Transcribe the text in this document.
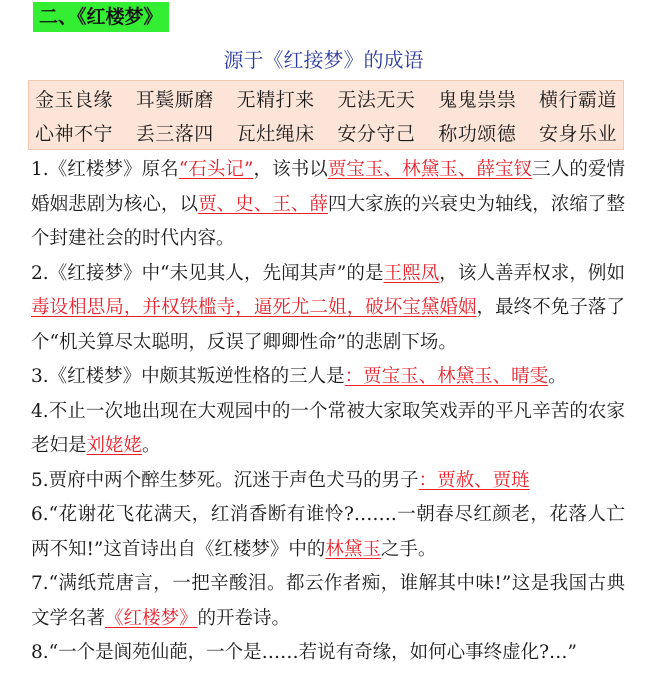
二、《红楼梦》
源于《红接梦》的成语
金玉良缘 耳鬓厮磨 无精打来 无法无天 鬼鬼祟祟 横行霸道
心神不宁 丢三落四 瓦灶绳床 安分守己 称功颂德 安身乐业

1.《红楼梦》原名“石头记”，该书以贾宝玉、林黛玉、薛宝钗三人的爱情婚姻悲剧为核心，以贾、史、王、薛四大家族的兴衰史为轴线，浓缩了整个封建社会的时代内容。

2.《红接梦》中“未见其人，先闻其声”的是王熙凤，该人善弄权求，例如毒设相思局，并权铁槛寺，逼死尤二姐，破坏宝黛婚姻，最终不免子落了个“机关算尽太聪明，反误了卿卿性命”的悲剧下场。

3.《红楼梦》中颇其叛逆性格的三人是：贾宝玉、林黛玉、晴雯。

4.不止一次地出现在大观园中的一个常被大家取笑戏弄的平凡辛苦的农家老妇是刘姥姥。

5.贾府中两个醉生梦死。沉迷于声色犬马的男子：贾赦、贾琏

6.“花谢花飞花满天，红消香断有谁怜?…….一朝春尽红颜老，花落人亡两不知!”这首诗出自《红楼梦》中的林黛玉之手。

7.“满纸荒唐言，一把辛酸泪。都云作者痴，谁解其中味!”这是我国古典文学名著《红楼梦》的开卷诗。

8.“一个是阆苑仙葩，一个是……若说有奇缘，如何心事终虚化?…”
